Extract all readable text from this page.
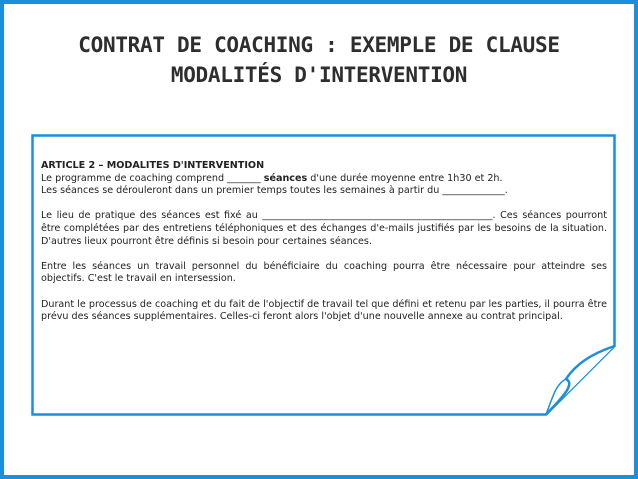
CONTRAT DE COACHING : EXEMPLE DE CLAUSE
MODALITÉS D'INTERVENTION
ARTICLE 2 – MODALITES D'INTERVENTION

Le programme de coaching comprend _______ séances d'une durée moyenne entre 1h30 et 2h.
Les séances se dérouleront dans un premier temps toutes les semaines à partir du _____________.

Le lieu de pratique des séances est fixé au ________________________________________________. Ces séances pourront être complétées par des entretiens téléphoniques et des échanges d'e-mails justifiés par les besoins de la situation. D'autres lieux pourront être définis si besoin pour certaines séances.

Entre les séances un travail personnel du bénéficiaire du coaching pourra être nécessaire pour atteindre ses objectifs. C'est le travail en intersession.

Durant le processus de coaching et du fait de l'objectif de travail tel que défini et retenu par les parties, il pourra être prévu des séances supplémentaires. Celles-ci feront alors l'objet d'une nouvelle annexe au contrat principal.
